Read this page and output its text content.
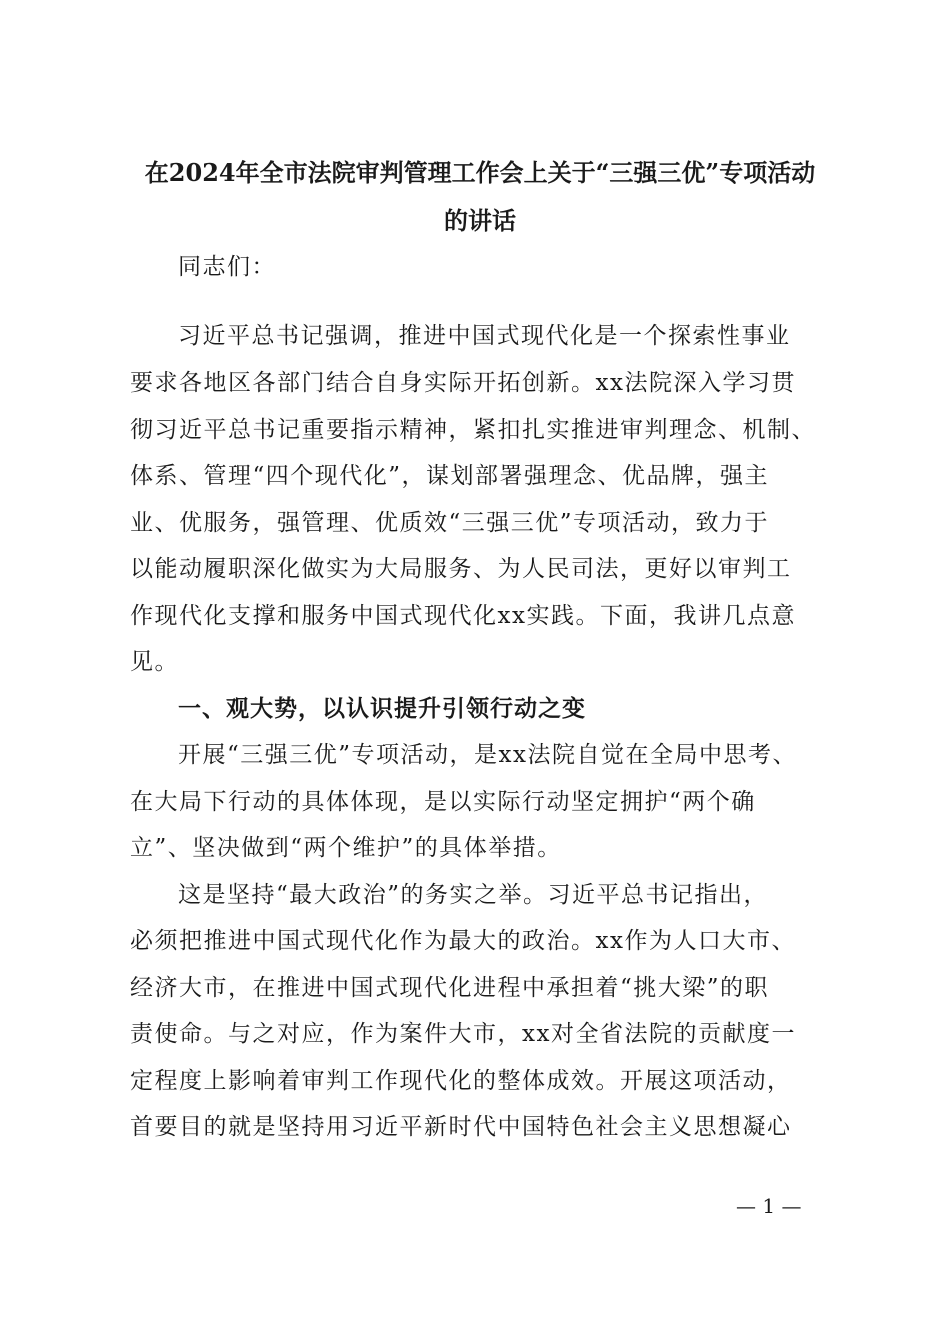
在2024年全市法院审判管理工作会上关于“三强三优”专项活动
的讲话
同志们：
习近平总书记强调，推进中国式现代化是一个探索性事业
要求各地区各部门结合自身实际开拓创新。xx法院深入学习贯
彻习近平总书记重要指示精神，紧扣扎实推进审判理念、机制、
体系、管理“四个现代化”，谋划部署强理念、优品牌，强主
业、优服务，强管理、优质效“三强三优”专项活动，致力于
以能动履职深化做实为大局服务、为人民司法，更好以审判工
作现代化支撑和服务中国式现代化xx实践。下面，我讲几点意
见。
一、观大势，以认识提升引领行动之变
开展“三强三优”专项活动，是xx法院自觉在全局中思考、
在大局下行动的具体体现，是以实际行动坚定拥护“两个确
立”、坚决做到“两个维护”的具体举措。
这是坚持“最大政治”的务实之举。习近平总书记指出，
必须把推进中国式现代化作为最大的政治。xx作为人口大市、
经济大市，在推进中国式现代化进程中承担着“挑大梁”的职
责使命。与之对应，作为案件大市，xx对全省法院的贡献度一
定程度上影响着审判工作现代化的整体成效。开展这项活动，
首要目的就是坚持用习近平新时代中国特色社会主义思想凝心
— 1 —
